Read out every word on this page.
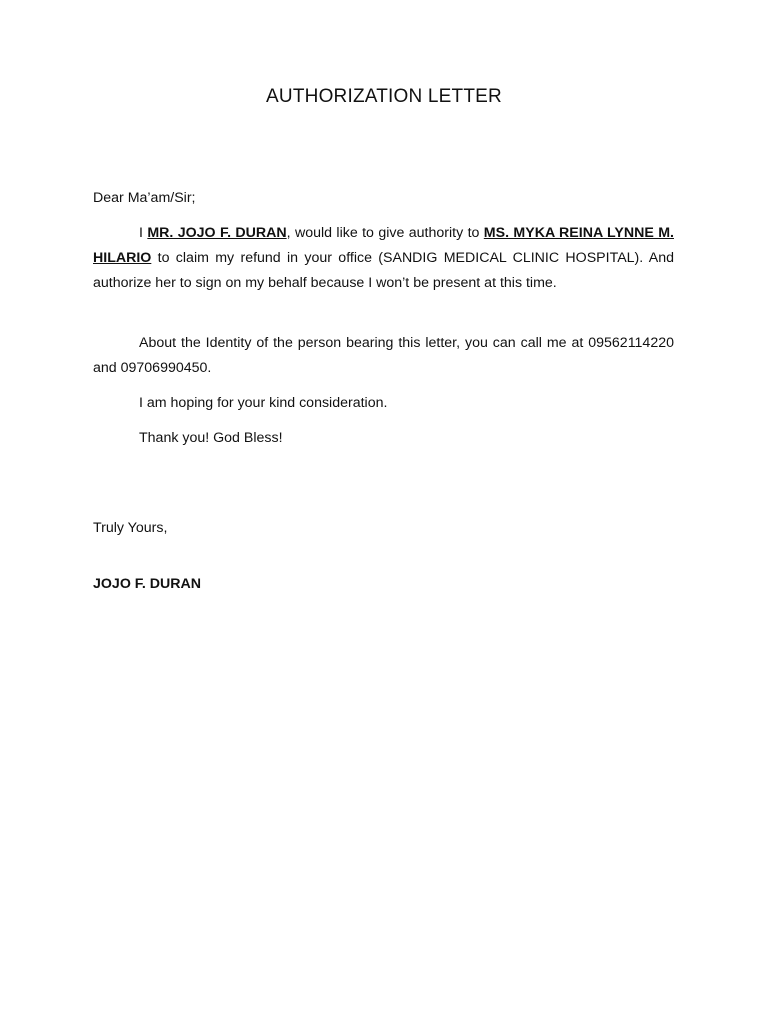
AUTHORIZATION LETTER
Dear Ma’am/Sir;

I MR. JOJO F. DURAN, would like to give authority to MS. MYKA REINA LYNNE M. HILARIO to claim my refund in your office (SANDIG MEDICAL CLINIC HOSPITAL). And authorize her to sign on my behalf because I won’t be present at this time.

About the Identity of the person bearing this letter, you can call me at 09562114220 and 09706990450.

I am hoping for your kind consideration.

Thank you! God Bless!

Truly Yours,
JOJO F. DURAN
